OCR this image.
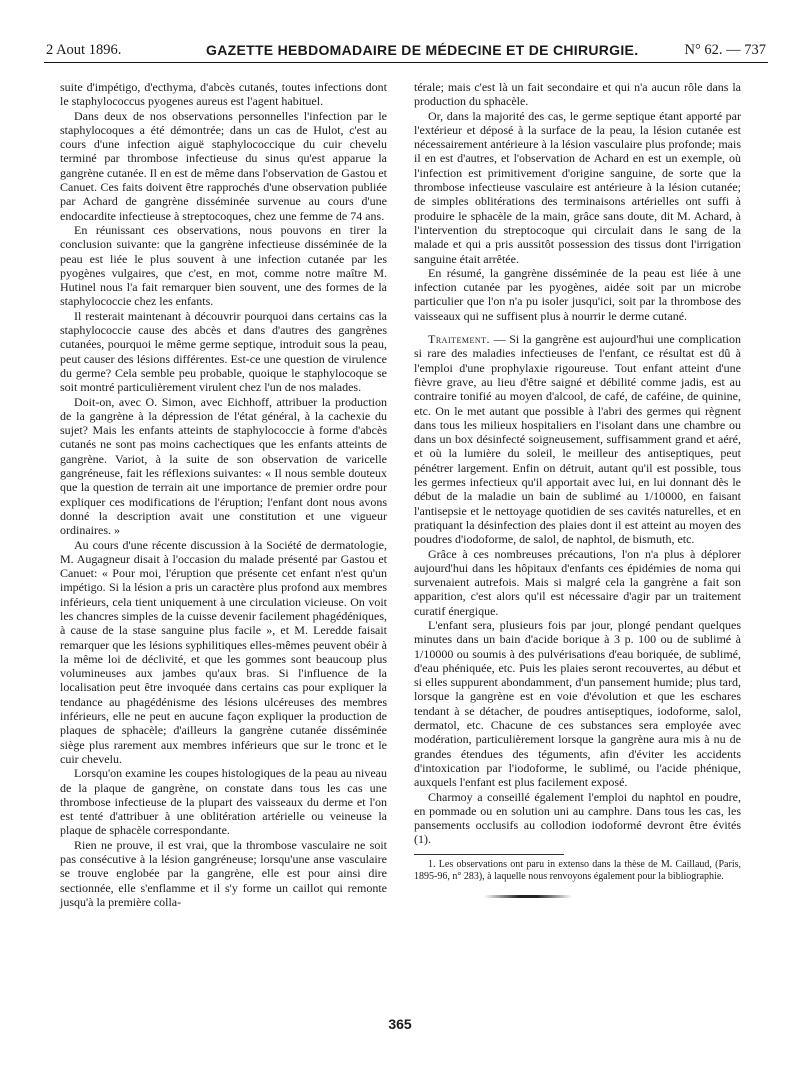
2 Aout 1896.	GAZETTE HEBDOMADAIRE DE MÉDECINE ET DE CHIRURGIE.	N° 62. — 737

suite d'impétigo, d'ecthyma, d'abcès cutanés, toutes infections dont le staphylococcus pyogenes aureus est l'agent habituel.

Dans deux de nos observations personnelles l'infection par le staphylocoques a été démontrée; dans un cas de Hulot, c'est au cours d'une infection aiguë staphylococcique du cuir chevelu terminé par thrombose infectieuse du sinus qu'est apparue la gangrène cutanée. Il en est de même dans l'observation de Gastou et Canuet. Ces faits doivent être rapprochés d'une observation publiée par Achard de gangrène disséminée survenue au cours d'une endocardite infectieuse à streptocoques, chez une femme de 74 ans.

En réunissant ces observations, nous pouvons en tirer la conclusion suivante: que la gangrène infectieuse disséminée de la peau est liée le plus souvent à une infection cutanée par les pyogènes vulgaires, que c'est, en mot, comme notre maître M. Hutinel nous l'a fait remarquer bien souvent, une des formes de la staphylococcie chez les enfants.

Il resterait maintenant à découvrir pourquoi dans certains cas la staphylococcie cause des abcès et dans d'autres des gangrènes cutanées, pourquoi le même germe septique, introduit sous la peau, peut causer des lésions différentes. Est-ce une question de virulence du germe? Cela semble peu probable, quoique le staphylocoque se soit montré particulièrement virulent chez l'un de nos malades.

Doit-on, avec O. Simon, avec Eichhoff, attribuer la production de la gangrène à la dépression de l'état général, à la cachexie du sujet? Mais les enfants atteints de staphylococcie à forme d'abcès cutanés ne sont pas moins cachectiques que les enfants atteints de gangrène. Variot, à la suite de son observation de varicelle gangréneuse, fait les réflexions suivantes: « Il nous semble douteux que la question de terrain ait une importance de premier ordre pour expliquer ces modifications de l'éruption; l'enfant dont nous avons donné la description avait une constitution et une vigueur ordinaires. »

Au cours d'une récente discussion à la Société de dermatologie, M. Augagneur disait à l'occasion du malade présenté par Gastou et Canuet: « Pour moi, l'éruption que présente cet enfant n'est qu'un impétigo. Si la lésion a pris un caractère plus profond aux membres inférieurs, cela tient uniquement à une circulation vicieuse. On voit les chancres simples de la cuisse devenir facilement phagédéniques, à cause de la stase sanguine plus facile », et M. Leredde faisait remarquer que les lésions syphilitiques elles-mêmes peuvent obéir à la même loi de déclivité, et que les gommes sont beaucoup plus volumineuses aux jambes qu'aux bras. Si l'influence de la localisation peut être invoquée dans certains cas pour expliquer la tendance au phagédénisme des lésions ulcéreuses des membres inférieurs, elle ne peut en aucune façon expliquer la production de plaques de sphacèle; d'ailleurs la gangrène cutanée disséminée siège plus rarement aux membres inférieurs que sur le tronc et le cuir chevelu.

Lorsqu'on examine les coupes histologiques de la peau au niveau de la plaque de gangrène, on constate dans tous les cas une thrombose infectieuse de la plupart des vaisseaux du derme et l'on est tenté d'attribuer à une oblitération artérielle ou veineuse la plaque de sphacèle correspondante.

Rien ne prouve, il est vrai, que la thrombose vasculaire ne soit pas consécutive à la lésion gangréneuse; lorsqu'une anse vasculaire se trouve englobée par la gangrène, elle est pour ainsi dire sectionnée, elle s'enflamme et il s'y forme un caillot qui remonte jusqu'à la première colla-

térale; mais c'est là un fait secondaire et qui n'a aucun rôle dans la production du sphacèle.

Or, dans la majorité des cas, le germe septique étant apporté par l'extérieur et déposé à la surface de la peau, la lésion cutanée est nécessairement antérieure à la lésion vasculaire plus profonde; mais il en est d'autres, et l'observation de Achard en est un exemple, où l'infection est primitivement d'origine sanguine, de sorte que la thrombose infectieuse vasculaire est antérieure à la lésion cutanée; de simples oblitérations des terminaisons artérielles ont suffi à produire le sphacèle de la main, grâce sans doute, dit M. Achard, à l'intervention du streptocoque qui circulait dans le sang de la malade et qui a pris aussitôt possession des tissus dont l'irrigation sanguine était arrêtée.

En résumé, la gangrène disséminée de la peau est liée à une infection cutanée par les pyogènes, aidée soit par un microbe particulier que l'on n'a pu isoler jusqu'ici, soit par la thrombose des vaisseaux qui ne suffisent plus à nourrir le derme cutané.

Traitement. — Si la gangrène est aujourd'hui une complication si rare des maladies infectieuses de l'enfant, ce résultat est dû à l'emploi d'une prophylaxie rigoureuse. Tout enfant atteint d'une fièvre grave, au lieu d'être saigné et débilité comme jadis, est au contraire tonifié au moyen d'alcool, de café, de caféine, de quinine, etc. On le met autant que possible à l'abri des germes qui règnent dans tous les milieux hospitaliers en l'isolant dans une chambre ou dans un box désinfecté soigneusement, suffisamment grand et aéré, et où la lumière du soleil, le meilleur des antiseptiques, peut pénétrer largement. Enfin on détruit, autant qu'il est possible, tous les germes infectieux qu'il apportait avec lui, en lui donnant dès le début de la maladie un bain de sublimé au 1/10000, en faisant l'antisepsie et le nettoyage quotidien de ses cavités naturelles, et en pratiquant la désinfection des plaies dont il est atteint au moyen des poudres d'iodoforme, de salol, de naphtol, de bismuth, etc.

Grâce à ces nombreuses précautions, l'on n'a plus à déplorer aujourd'hui dans les hôpitaux d'enfants ces épidémies de noma qui survenaient autrefois. Mais si malgré cela la gangrène a fait son apparition, c'est alors qu'il est nécessaire d'agir par un traitement curatif énergique.

L'enfant sera, plusieurs fois par jour, plongé pendant quelques minutes dans un bain d'acide borique à 3 p. 100 ou de sublimé à 1/10000 ou soumis à des pulvérisations d'eau boriquée, de sublimé, d'eau phéniquée, etc. Puis les plaies seront recouvertes, au début et si elles suppurent abondamment, d'un pansement humide; plus tard, lorsque la gangrène est en voie d'évolution et que les eschares tendant à se détacher, de poudres antiseptiques, iodoforme, salol, dermatol, etc. Chacune de ces substances sera employée avec modération, particulièrement lorsque la gangrène aura mis à nu de grandes étendues des téguments, afin d'éviter les accidents d'intoxication par l'iodoforme, le sublimé, ou l'acide phénique, auxquels l'enfant est plus facilement exposé.

Charmoy a conseillé également l'emploi du naphtol en poudre, en pommade ou en solution uni au camphre. Dans tous les cas, les pansements occlusifs au collodion iodoformé devront être évités (1).

1. Les observations ont paru in extenso dans la thèse de M. Caillaud, (Paris, 1895-96, n° 283), à laquelle nous renvoyons également pour la bibliographie.

365
